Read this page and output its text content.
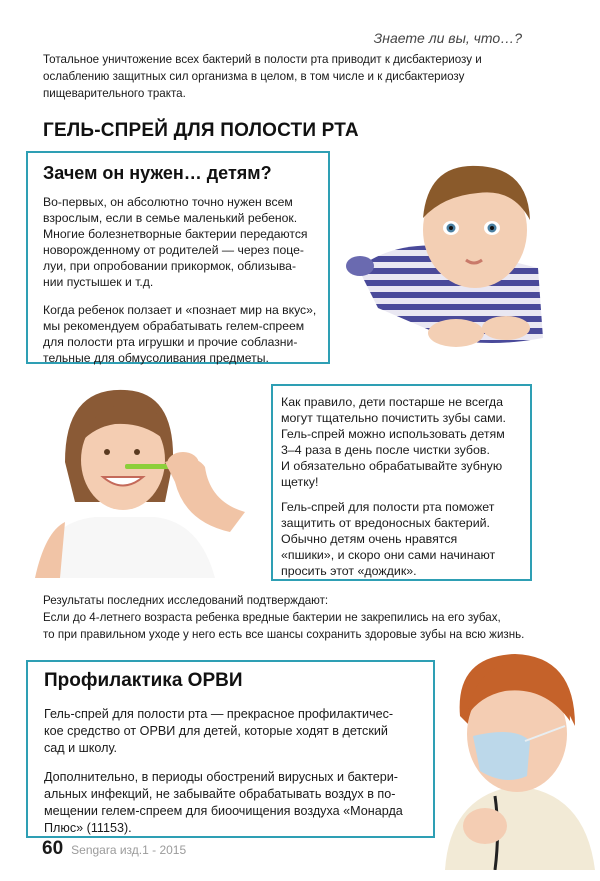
Знаете ли вы, что…?
Тотальное уничтожение всех бактерий в полости рта приводит к дисбактериозу и ослаблению защитных сил организма в целом, в том числе и к дисбактериозу пищеварительного тракта.
ГЕЛЬ-СПРЕЙ ДЛЯ ПОЛОСТИ РТА
Зачем он нужен… детям?

Во-первых, он абсолютно точно нужен всем
взрослым, если в семье маленький ребенок.
Многие болезнетворные бактерии передаются
новорожденному от родителей — через поце-
луи, при опробовании прикормок, облизыва-
нии пустышек и т.д.

Когда ребенок ползает и «познает мир на вкус»,
мы рекомендуем обрабатывать гелем-спреем
для полости рта игрушки и прочие соблазни-
тельные для обмусоливания предметы.

Как правило, дети постарше не всегда
могут тщательно почистить зубы сами.
Гель-спрей можно использовать детям
3–4 раза в день после чистки зубов.
И обязательно обрабатывайте зубную
щетку!

Гель-спрей для полости рта поможет
защитить от вредоносных бактерий.
Обычно детям очень нравятся
«пшики», и скоро они сами начинают
просить этот «дождик».

Результаты последних исследований подтверждают:
Если до 4-летнего возраста ребенка вредные бактерии не закрепились на его зубах,
то при правильном уходе у него есть все шансы сохранить здоровые зубы на всю жизнь.
Профилактика ОРВИ

Гель-спрей для полости рта — прекрасное профилактичес-
кое средство от ОРВИ для детей, которые ходят в детский
сад и школу.

Дополнительно, в периоды обострений вирусных и бактери-
альных инфекций, не забывайте обрабатывать воздух в по-
мещении гелем-спреем для биоочищения воздуха «Монарда
Плюс» (11153).

60 Sengara изд.1 - 2015
